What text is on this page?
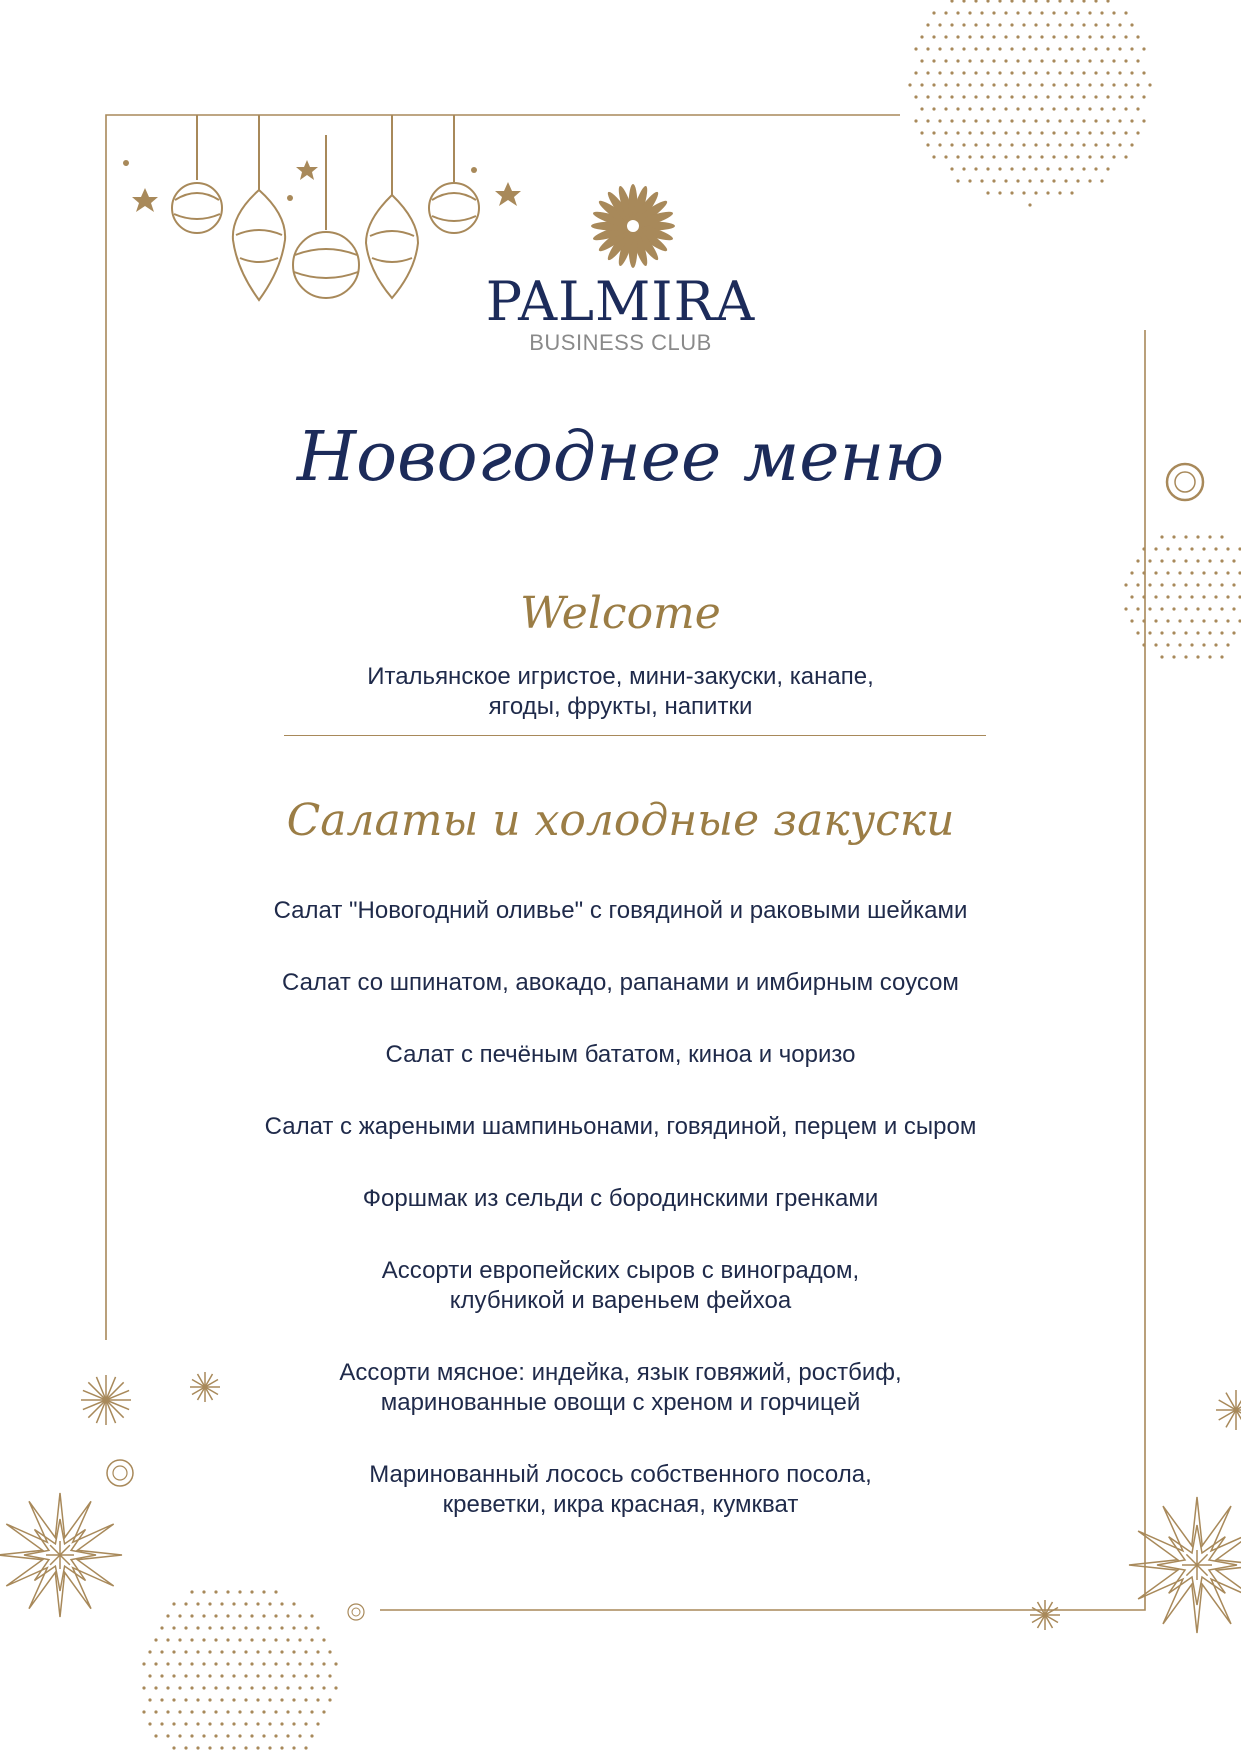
PALMIRA
BUSINESS CLUB
Новогоднее меню
Welcome
Итальянское игристое, мини-закуски, канапе,
ягоды, фрукты, напитки
Салаты и холодные закуски
Салат "Новогодний оливье" с говядиной и раковыми шейками
Салат со шпинатом, авокадо, рапанами и имбирным соусом
Салат с печёным бататом, киноа и чоризо
Салат с жареными шампиньонами, говядиной, перцем и сыром
Форшмак из сельди с бородинскими гренками
Ассорти европейских сыров с виноградом,
клубникой и вареньем фейхоа
Ассорти мясное: индейка, язык говяжий, ростбиф,
маринованные овощи с хреном и горчицей
Маринованный лосось собственного посола,
креветки, икра красная, кумкват
